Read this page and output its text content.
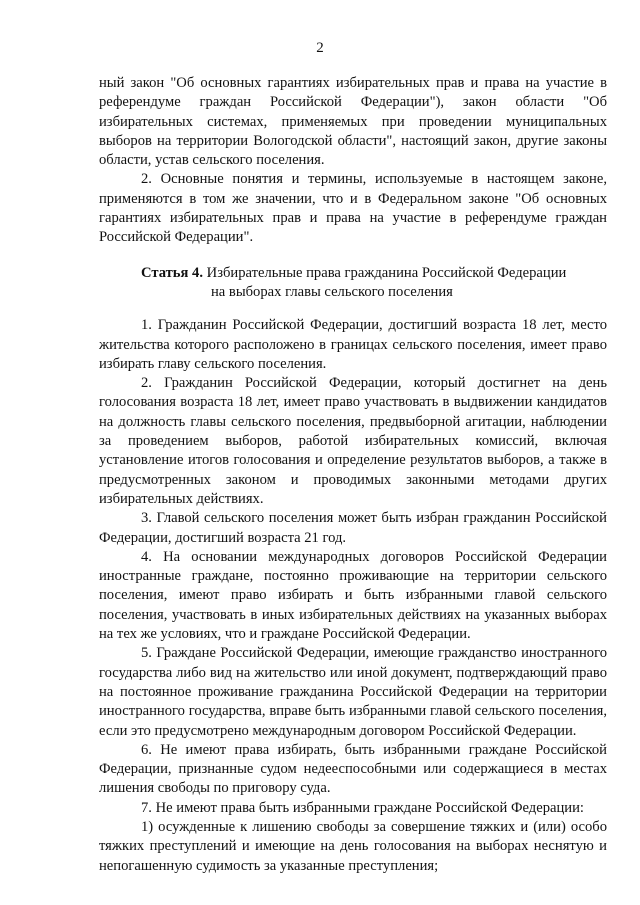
2

ный закон "Об основных гарантиях избирательных прав и права на участие в референдуме граждан Российской Федерации"), закон области "Об избирательных системах, применяемых при проведении муниципальных выборов на территории Вологодской области", настоящий закон, другие законы области, устав сельского поселения.

2. Основные понятия и термины, используемые в настоящем законе, применяются в том же значении, что и в Федеральном законе "Об основных гарантиях избирательных прав и права на участие в референдуме граждан Российской Федерации".

Статья 4. Избирательные права гражданина Российской Федерации
на выборах главы сельского поселения

1. Гражданин Российской Федерации, достигший возраста 18 лет, место жительства которого расположено в границах сельского поселения, имеет право избирать главу сельского поселения.

2. Гражданин Российской Федерации, который достигнет на день голосования возраста 18 лет, имеет право участвовать в выдвижении кандидатов на должность главы сельского поселения, предвыборной агитации, наблюдении за проведением выборов, работой избирательных комиссий, включая установление итогов голосования и определение результатов выборов, а также в предусмотренных законом и проводимых законными методами других избирательных действиях.

3. Главой сельского поселения может быть избран гражданин Российской Федерации, достигший возраста 21 год.

4. На основании международных договоров Российской Федерации иностранные граждане, постоянно проживающие на территории сельского поселения, имеют право избирать и быть избранными главой сельского поселения, участвовать в иных избирательных действиях на указанных выборах на тех же условиях, что и граждане Российской Федерации.

5. Граждане Российской Федерации, имеющие гражданство иностранного государства либо вид на жительство или иной документ, подтверждающий право на постоянное проживание гражданина Российской Федерации на территории иностранного государства, вправе быть избранными главой сельского поселения, если это предусмотрено международным договором Российской Федерации.

6. Не имеют права избирать, быть избранными граждане Российской Федерации, признанные судом недееспособными или содержащиеся в местах лишения свободы по приговору суда.

7. Не имеют права быть избранными граждане Российской Федерации:

1) осужденные к лишению свободы за совершение тяжких и (или) особо тяжких преступлений и имеющие на день голосования на выборах неснятую и непогашенную судимость за указанные преступления;
